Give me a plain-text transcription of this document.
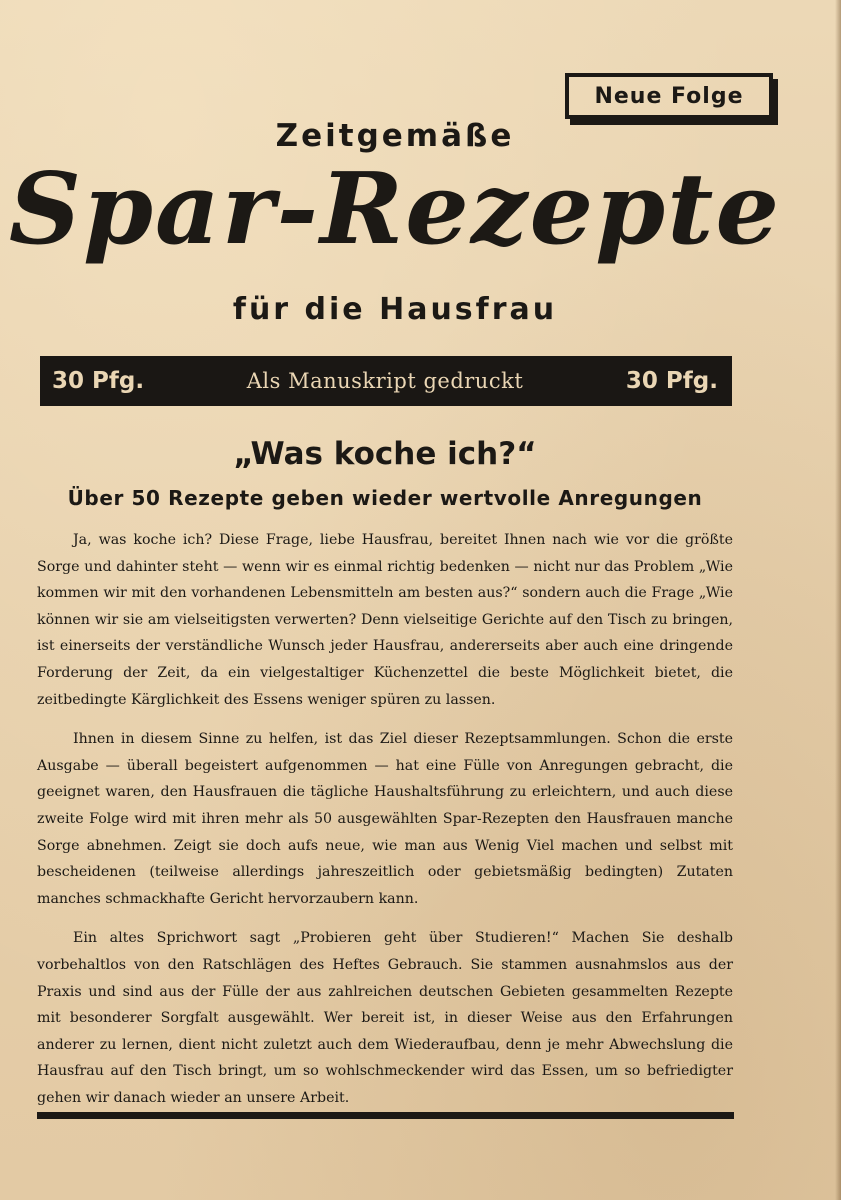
Neue Folge
Zeitgemäße
Spar-Rezepte
für die Hausfrau
30 Pfg.	Als Manuskript gedruckt	30 Pfg.
„Was koche ich?“
Über 50 Rezepte geben wieder wertvolle Anregungen

Ja, was koche ich? Diese Frage, liebe Hausfrau, bereitet Ihnen nach wie vor die größte Sorge und dahinter steht — wenn wir es einmal richtig bedenken — nicht nur das Problem „Wie kommen wir mit den vorhandenen Lebensmitteln am besten aus?“ sondern auch die Frage „Wie können wir sie am vielseitigsten verwerten? Denn vielseitige Gerichte auf den Tisch zu bringen, ist einerseits der verständliche Wunsch jeder Hausfrau, andererseits aber auch eine dringende Forderung der Zeit, da ein vielgestaltiger Küchenzettel die beste Möglichkeit bietet, die zeitbedingte Kärglichkeit des Essens weniger spüren zu lassen.

Ihnen in diesem Sinne zu helfen, ist das Ziel dieser Rezeptsammlungen. Schon die erste Ausgabe — überall begeistert aufgenommen — hat eine Fülle von Anregungen gebracht, die geeignet waren, den Hausfrauen die tägliche Haushaltsführung zu erleichtern, und auch diese zweite Folge wird mit ihren mehr als 50 ausgewählten Spar-Rezepten den Hausfrauen manche Sorge abnehmen. Zeigt sie doch aufs neue, wie man aus Wenig Viel machen und selbst mit bescheidenen (teilweise allerdings jahreszeitlich oder gebietsmäßig bedingten) Zutaten manches schmackhafte Gericht hervorzaubern kann.

Ein altes Sprichwort sagt „Probieren geht über Studieren!“ Machen Sie deshalb vorbehaltlos von den Ratschlägen des Heftes Gebrauch. Sie stammen ausnahmslos aus der Praxis und sind aus der Fülle der aus zahlreichen deutschen Gebieten gesammelten Rezepte mit besonderer Sorgfalt ausgewählt. Wer bereit ist, in dieser Weise aus den Erfahrungen anderer zu lernen, dient nicht zuletzt auch dem Wiederaufbau, denn je mehr Abwechslung die Hausfrau auf den Tisch bringt, um so wohlschmeckender wird das Essen, um so befriedigter gehen wir danach wieder an unsere Arbeit.
